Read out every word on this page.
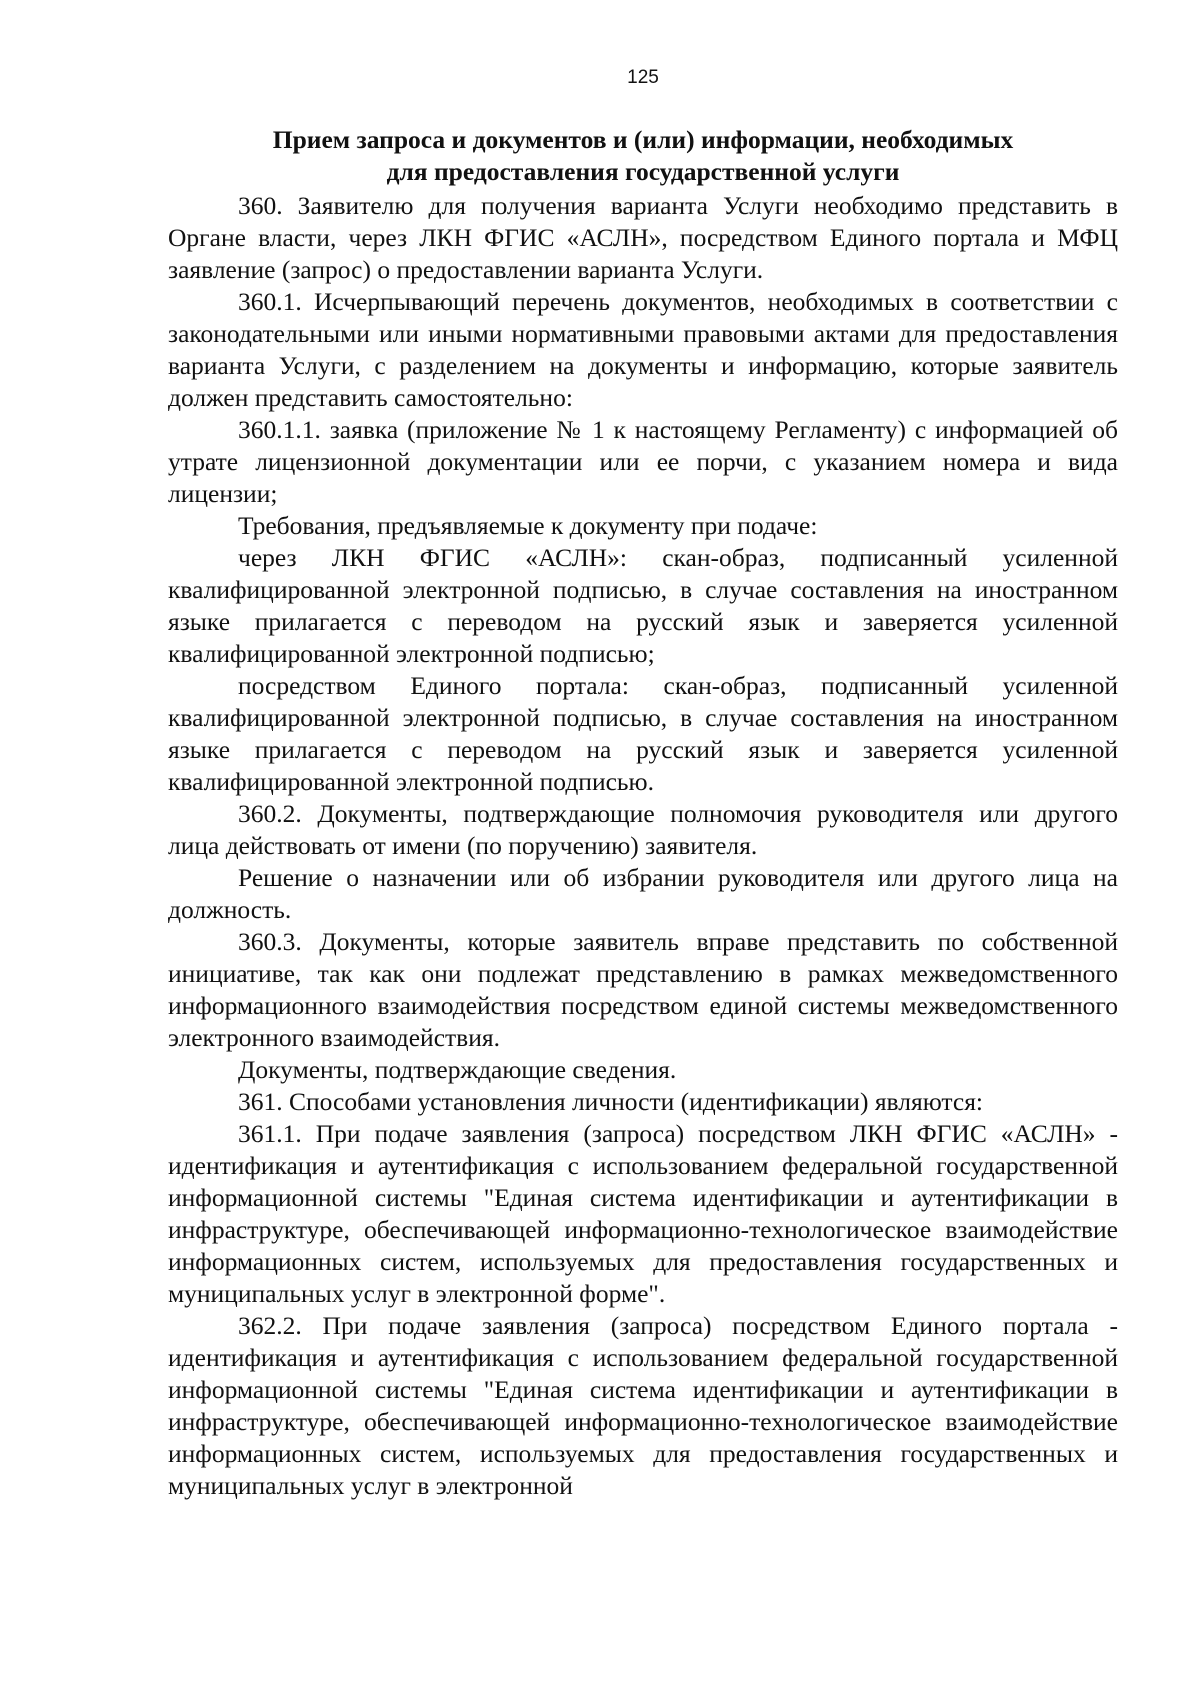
125
Прием запроса и документов и (или) информации, необходимых
для предоставления государственной услуги

360. Заявителю для получения варианта Услуги необходимо представить в Органе власти, через ЛКН ФГИС «АСЛН», посредством Единого портала и МФЦ заявление (запрос) о предоставлении варианта Услуги.

360.1. Исчерпывающий перечень документов, необходимых в соответствии с законодательными или иными нормативными правовыми актами для предоставления варианта Услуги, с разделением на документы и информацию, которые заявитель должен представить самостоятельно:

360.1.1. заявка (приложение № 1 к настоящему Регламенту) с информацией об утрате лицензионной документации или ее порчи, с указанием номера и вида лицензии;

Требования, предъявляемые к документу при подаче:

через ЛКН ФГИС «АСЛН»: скан-образ, подписанный усиленной квалифицированной электронной подписью, в случае составления на иностранном языке прилагается с переводом на русский язык и заверяется усиленной квалифицированной электронной подписью;

посредством Единого портала: скан-образ, подписанный усиленной квалифицированной электронной подписью, в случае составления на иностранном языке прилагается с переводом на русский язык и заверяется усиленной квалифицированной электронной подписью.

360.2. Документы, подтверждающие полномочия руководителя или другого лица действовать от имени (по поручению) заявителя.

Решение о назначении или об избрании руководителя или другого лица на должность.

360.3. Документы, которые заявитель вправе представить по собственной инициативе, так как они подлежат представлению в рамках межведомственного информационного взаимодействия посредством единой системы межведомственного электронного взаимодействия.

Документы, подтверждающие сведения.

361. Способами установления личности (идентификации) являются:

361.1. При подаче заявления (запроса) посредством ЛКН ФГИС «АСЛН» - идентификация и аутентификация с использованием федеральной государственной информационной системы "Единая система идентификации и аутентификации в инфраструктуре, обеспечивающей информационно-технологическое взаимодействие информационных систем, используемых для предоставления государственных и муниципальных услуг в электронной форме".

362.2. При подаче заявления (запроса) посредством Единого портала - идентификация и аутентификация с использованием федеральной государственной информационной системы "Единая система идентификации и аутентификации в инфраструктуре, обеспечивающей информационно-технологическое взаимодействие информационных систем, используемых для предоставления государственных и муниципальных услуг в электронной
